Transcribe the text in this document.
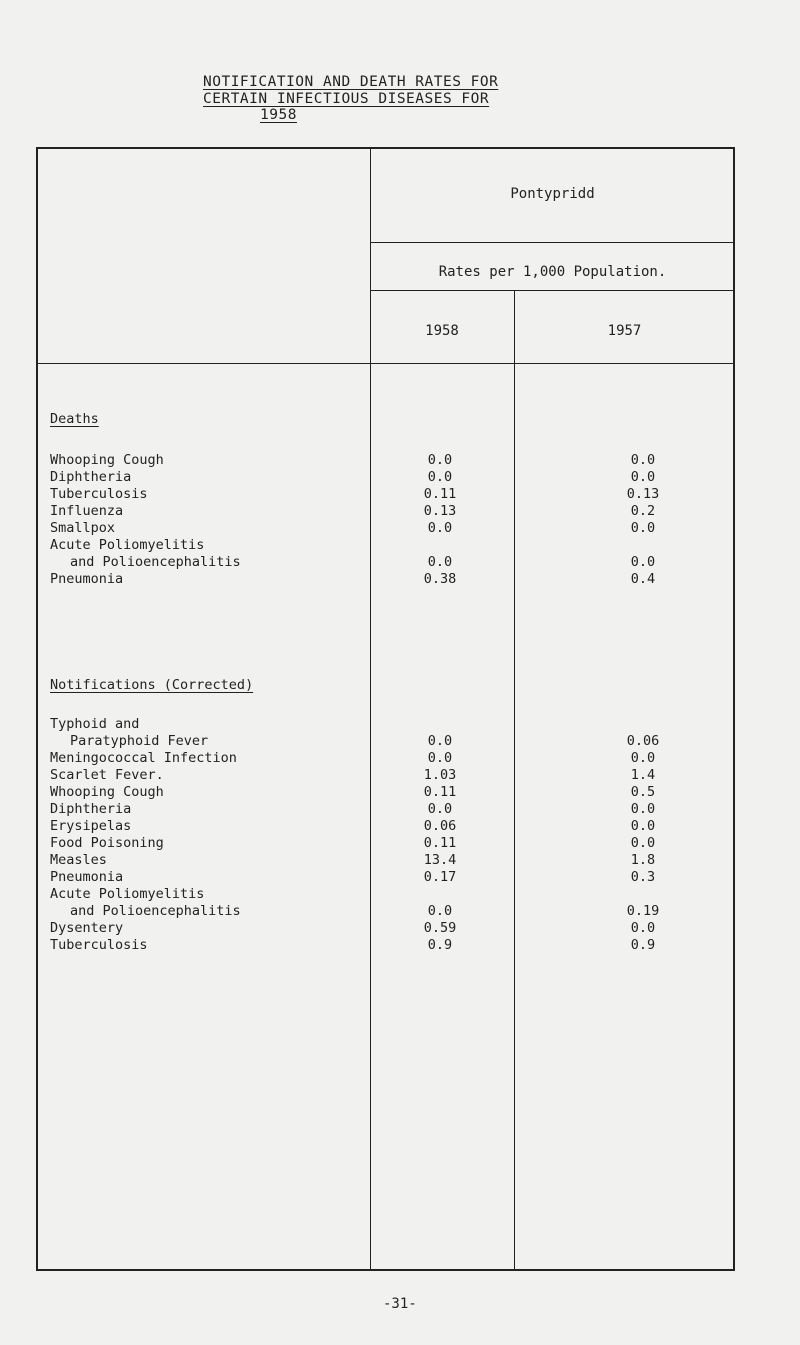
NOTIFICATION AND DEATH RATES FOR
CERTAIN INFECTIOUS DISEASES FOR
1958
Pontypridd
Rates per 1,000 Population.
1958	1957
Deaths
Whooping Cough	0.0	0.0
Diphtheria	0.0	0.0
Tuberculosis	0.11	0.13
Influenza	0.13	0.2
Smallpox	0.0	0.0
Acute Poliomyelitis
and Polioencephalitis	0.0	0.0
Pneumonia	0.38	0.4
Notifications (Corrected)
Typhoid and
Paratyphoid Fever	0.0	0.06
Meningococcal Infection	0.0	0.0
Scarlet Fever.	1.03	1.4
Whooping Cough	0.11	0.5
Diphtheria	0.0	0.0
Erysipelas	0.06	0.0
Food Poisoning	0.11	0.0
Measles	13.4	1.8
Pneumonia	0.17	0.3
Acute Poliomyelitis
and Polioencephalitis	0.0	0.19
Dysentery	0.59	0.0
Tuberculosis	0.9	0.9
-31-
